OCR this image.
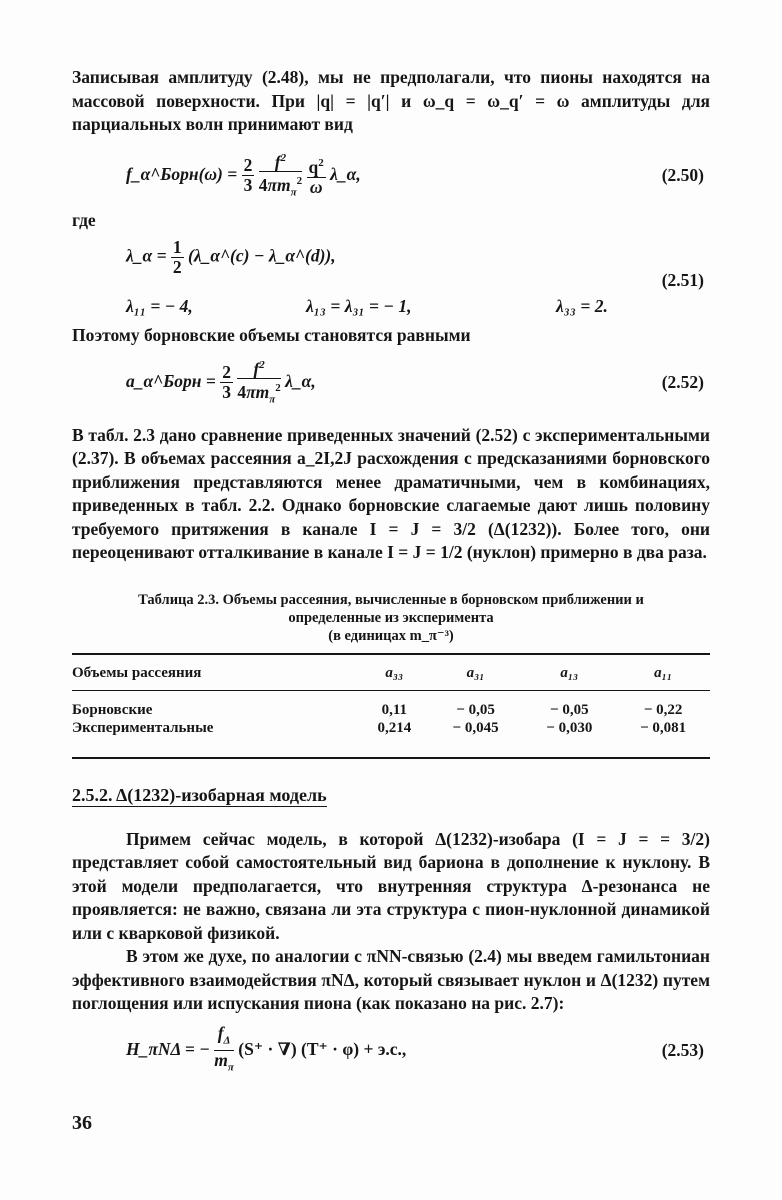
Записывая амплитуду (2.48), мы не предполагали, что пионы находятся на массовой поверхности. При |q| = |q′| и ω_q = ω_q′ = ω амплитуды для парциальных волн принимают вид

f_α^Борн(ω) = $\frac{2}{3}$
$\frac{f^2}{4\pi m_\pi^2}$
$\frac{q^2}{\omega}$ λ_α,	(2.50)

где

λ_α = $\frac{1}{2}$ (λ_α^(c) − λ_α^(d)),
λ₁₁ = − 4,	λ₁₃ = λ₃₁ = − 1,	λ₃₃ = 2.
(2.51)

Поэтому борновские объемы становятся равными

a_α^Борн = $\frac{2}{3}$
$\frac{f^2}{4\pi m_\pi^2}$ λ_α,	(2.52)

В табл. 2.3 дано сравнение приведенных значений (2.52) с экспериментальными (2.37). В объемах рассеяния a_2I,2J расхождения с предсказаниями борновского приближения представляются менее драматичными, чем в комбинациях, приведенных в табл. 2.2. Однако борновские слагаемые дают лишь половину требуемого притяжения в канале I = J = 3/2 (Δ(1232)). Более того, они переоценивают отталкивание в канале I = J = 1/2 (нуклон) примерно в два раза.

Таблица 2.3. Объемы рассеяния, вычисленные в борновском приближении и

определенные из эксперимента

(в единицах m_π⁻³)

Объемы рассеяния	a₃₃	a₃₁	a₁₃	a₁₁
Борновские	0,11	− 0,05	− 0,05	− 0,22
Экспериментальные	0,214	− 0,045	− 0,030	− 0,081

2.5.2. Δ(1232)-изобарная модель

Примем сейчас модель, в которой Δ(1232)-изобара (I = J = = 3/2) представляет собой самостоятельный вид бариона в дополнение к нуклону. В этой модели предполагается, что внутренняя структура Δ-резонанса не проявляется: не важно, связана ли эта структура с пион-нуклонной динамикой или с кварковой физикой.

В этом же духе, по аналогии с πNN-связью (2.4) мы введем гамильтониан эффективного взаимодействия πNΔ, который связывает нуклон и Δ(1232) путем поглощения или испускания пиона (как показано на рис. 2.7):

H_πNΔ = − $\frac{f_\Delta}{m_\pi} (S^+$ · ∇) (T⁺ · φ) + э.с.,	(2.53)
36
